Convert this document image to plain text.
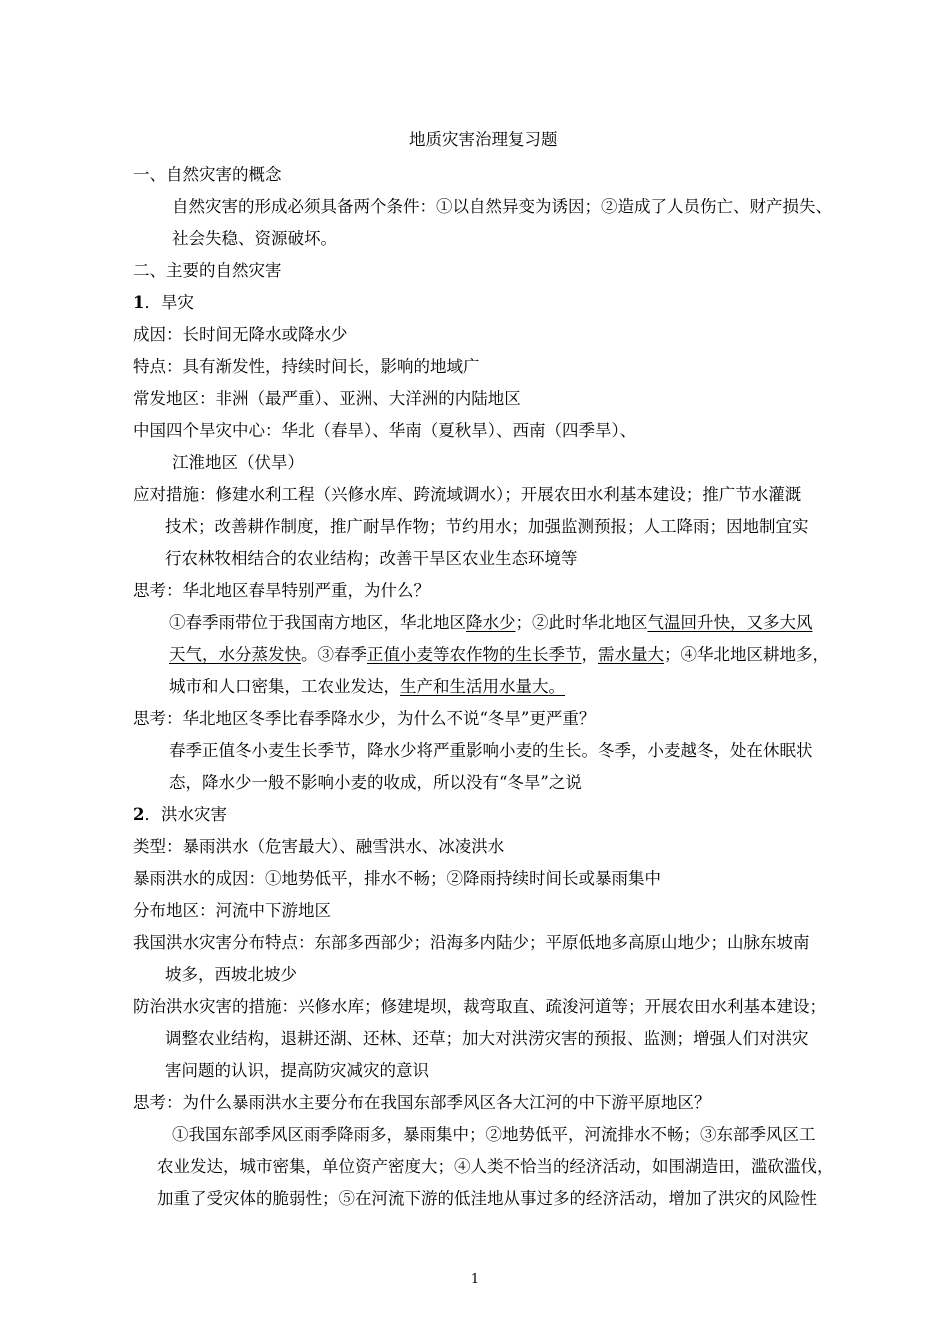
地质灾害治理复习题
一、自然灾害的概念
自然灾害的形成必须具备两个条件：①以自然异变为诱因；②造成了人员伤亡、财产损失、
社会失稳、资源破坏。
二、主要的自然灾害
1．旱灾
成因：长时间无降水或降水少
特点：具有渐发性，持续时间长，影响的地域广
常发地区：非洲（最严重）、亚洲、大洋洲的内陆地区
中国四个旱灾中心：华北（春旱）、华南（夏秋旱）、西南（四季旱）、
江淮地区（伏旱）
应对措施：修建水利工程（兴修水库、跨流域调水）；开展农田水利基本建设；推广节水灌溉
技术；改善耕作制度，推广耐旱作物；节约用水；加强监测预报；人工降雨；因地制宜实
行农林牧相结合的农业结构；改善干旱区农业生态环境等
思考：华北地区春旱特别严重，为什么？
①春季雨带位于我国南方地区，华北地区降水少；②此时华北地区气温回升快，又多大风
天气，水分蒸发快。③春季正值小麦等农作物的生长季节，需水量大；④华北地区耕地多，
城市和人口密集，工农业发达，生产和生活用水量大。
思考：华北地区冬季比春季降水少，为什么不说“冬旱”更严重？
春季正值冬小麦生长季节，降水少将严重影响小麦的生长。冬季，小麦越冬，处在休眠状
态，降水少一般不影响小麦的收成，所以没有“冬旱”之说
2．洪水灾害
类型：暴雨洪水（危害最大）、融雪洪水、冰凌洪水
暴雨洪水的成因：①地势低平，排水不畅；②降雨持续时间长或暴雨集中
分布地区：河流中下游地区
我国洪水灾害分布特点：东部多西部少；沿海多内陆少；平原低地多高原山地少；山脉东坡南
坡多，西坡北坡少
防治洪水灾害的措施：兴修水库；修建堤坝，裁弯取直、疏浚河道等；开展农田水利基本建设；
调整农业结构，退耕还湖、还林、还草；加大对洪涝灾害的预报、监测；增强人们对洪灾
害问题的认识，提高防灾减灾的意识
思考：为什么暴雨洪水主要分布在我国东部季风区各大江河的中下游平原地区？
①我国东部季风区雨季降雨多，暴雨集中；②地势低平，河流排水不畅；③东部季风区工
农业发达，城市密集，单位资产密度大；④人类不恰当的经济活动，如围湖造田，滥砍滥伐，
加重了受灾体的脆弱性；⑤在河流下游的低洼地从事过多的经济活动，增加了洪灾的风险性
1
